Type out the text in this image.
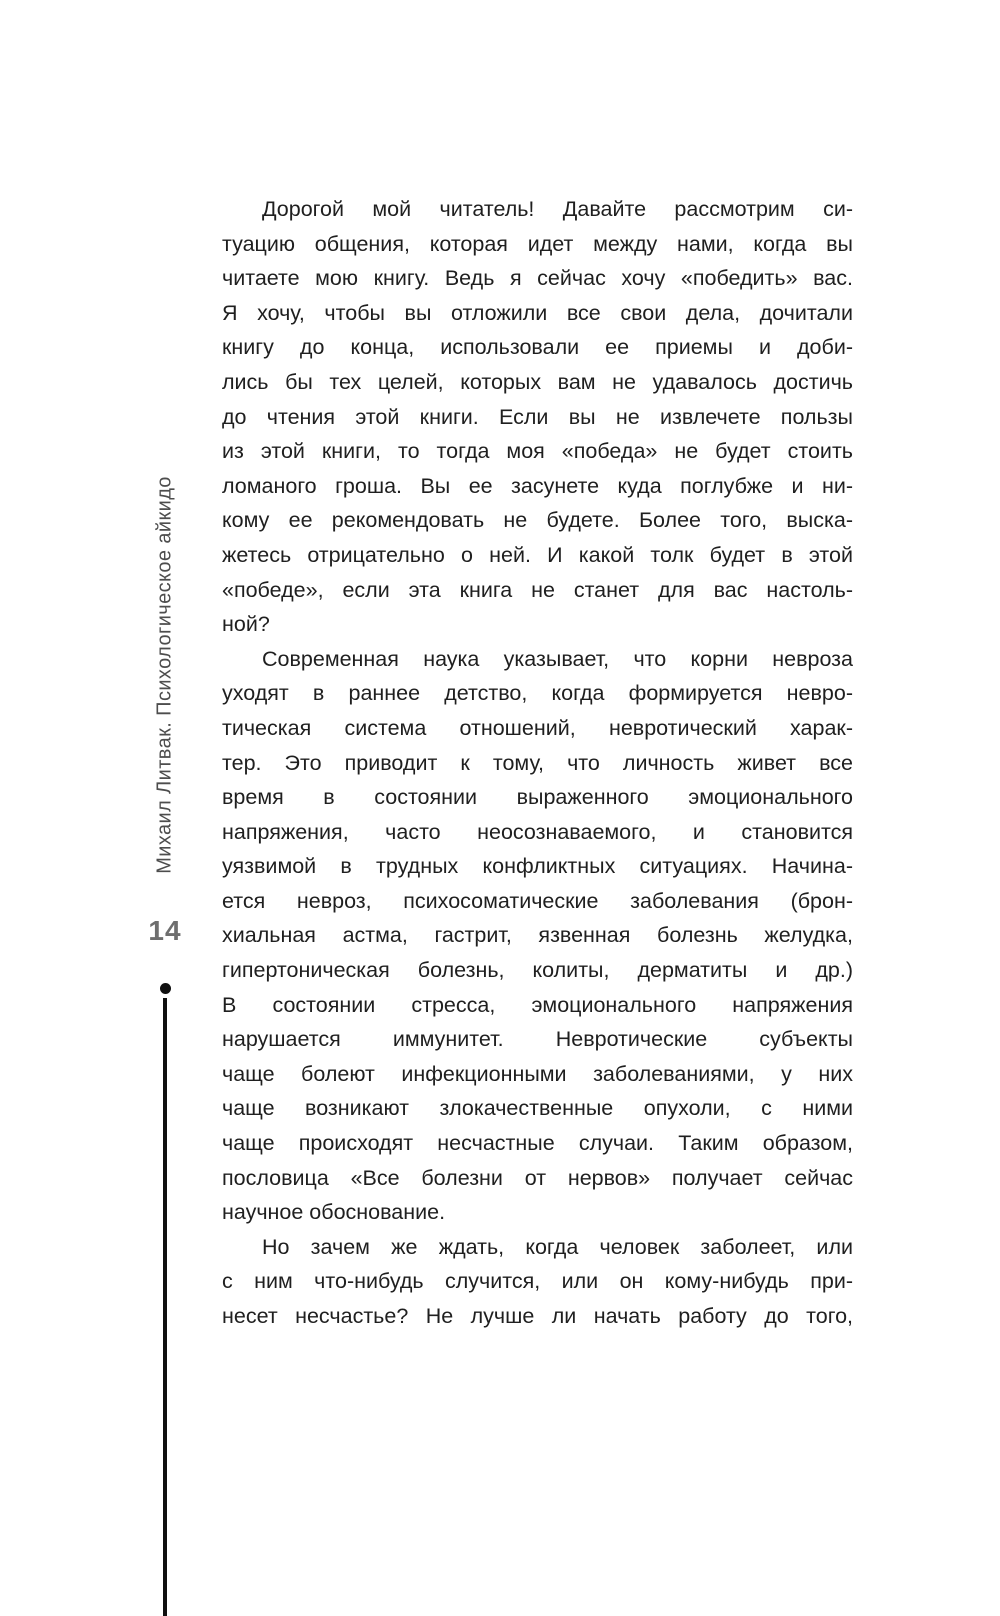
Михаил Литвак. Психологическое айкидо
14
Дорогой мой читатель! Давайте рассмотрим си-
туацию общения, которая идет между нами, когда вы
читаете мою книгу. Ведь я сейчас хочу «победить» вас.
Я хочу, чтобы вы отложили все свои дела, дочитали
книгу до конца, использовали ее приемы и доби-
лись бы тех целей, которых вам не удавалось достичь
до чтения этой книги. Если вы не извлечете пользы
из этой книги, то тогда моя «победа» не будет стоить
ломаного гроша. Вы ее засунете куда поглубже и ни-
кому ее рекомендовать не будете. Более того, выска-
жетесь отрицательно о ней. И какой толк будет в этой
«победе», если эта книга не станет для вас настоль-
ной?
Современная наука указывает, что корни невроза
уходят в раннее детство, когда формируется невро-
тическая система отношений, невротический харак-
тер. Это приводит к тому, что личность живет все
время в состоянии выраженного эмоционального
напряжения, часто неосознаваемого, и становится
уязвимой в трудных конфликтных ситуациях. Начина-
ется невроз, психосоматические заболевания (брон-
хиальная астма, гастрит, язвенная болезнь желудка,
гипертоническая болезнь, колиты, дерматиты и др.)
В состоянии стресса, эмоционального напряжения
нарушается иммунитет. Невротические субъекты
чаще болеют инфекционными заболеваниями, у них
чаще возникают злокачественные опухоли, с ними
чаще происходят несчастные случаи. Таким образом,
пословица «Все болезни от нервов» получает сейчас
научное обоснование.
Но зачем же ждать, когда человек заболеет, или
с ним что-нибудь случится, или он кому-нибудь при-
несет несчастье? Не лучше ли начать работу до того,
